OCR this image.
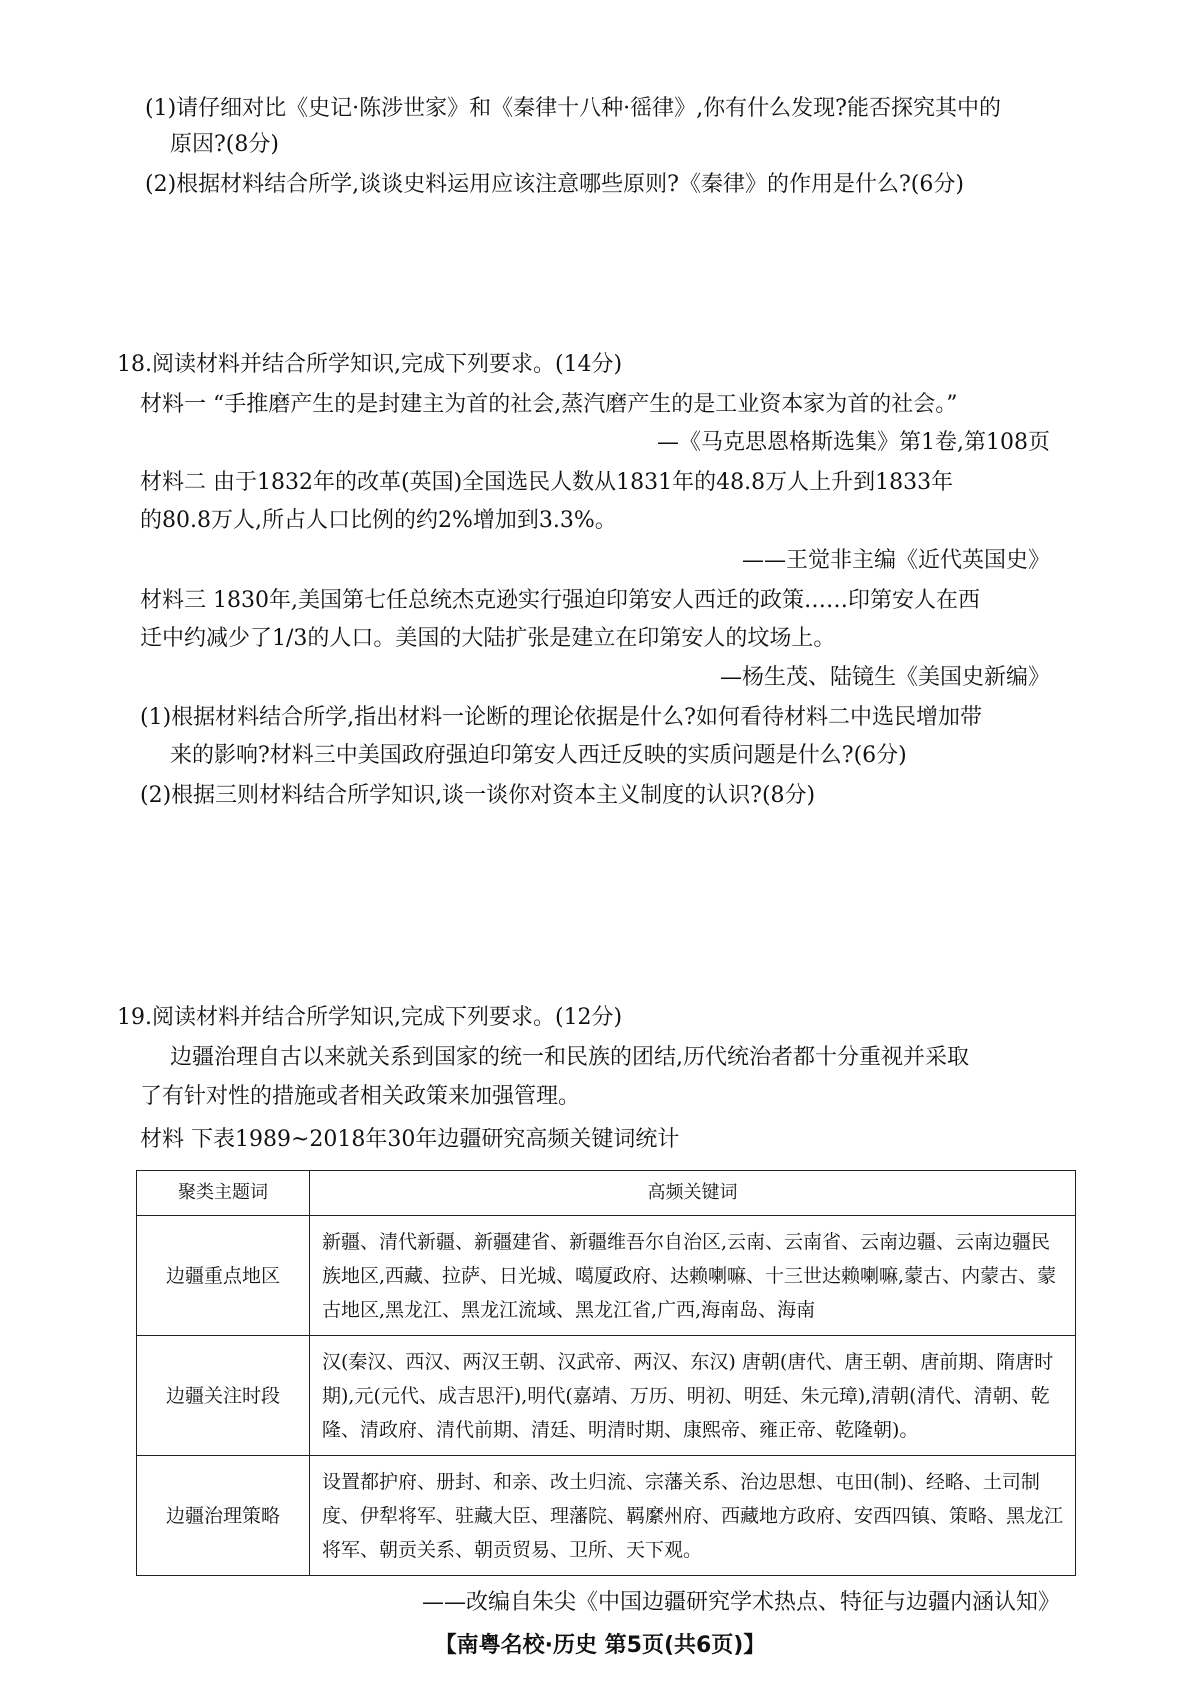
(1)请仔细对比《史记·陈涉世家》和《秦律十八种·徭律》,你有什么发现?能否探究其中的
原因?(8分)
(2)根据材料结合所学,谈谈史料运用应该注意哪些原则?《秦律》的作用是什么?(6分)
18.阅读材料并结合所学知识,完成下列要求。(14分)
材料一 “手推磨产生的是封建主为首的社会,蒸汽磨产生的是工业资本家为首的社会。”
—《马克思恩格斯选集》第1卷,第108页
材料二 由于1832年的改革(英国)全国选民人数从1831年的48.8万人上升到1833年
的80.8万人,所占人口比例的约2%增加到3.3%。
——王觉非主编《近代英国史》
材料三 1830年,美国第七任总统杰克逊实行强迫印第安人西迁的政策……印第安人在西
迁中约减少了1/3的人口。美国的大陆扩张是建立在印第安人的坟场上。
—杨生茂、陆镜生《美国史新编》
(1)根据材料结合所学,指出材料一论断的理论依据是什么?如何看待材料二中选民增加带
来的影响?材料三中美国政府强迫印第安人西迁反映的实质问题是什么?(6分)
(2)根据三则材料结合所学知识,谈一谈你对资本主义制度的认识?(8分)
19.阅读材料并结合所学知识,完成下列要求。(12分)
边疆治理自古以来就关系到国家的统一和民族的团结,历代统治者都十分重视并采取
了有针对性的措施或者相关政策来加强管理。
材料 下表1989~2018年30年边疆研究高频关键词统计
聚类主题词	高频关键词
边疆重点地区	新疆、清代新疆、新疆建省、新疆维吾尔自治区,云南、云南省、云南边疆、云南边疆民族地区,西藏、拉萨、日光城、噶厦政府、达赖喇嘛、十三世达赖喇嘛,蒙古、内蒙古、蒙古地区,黑龙江、黑龙江流域、黑龙江省,广西,海南岛、海南
边疆关注时段	汉(秦汉、西汉、两汉王朝、汉武帝、两汉、东汉) 唐朝(唐代、唐王朝、唐前期、隋唐时期),元(元代、成吉思汗),明代(嘉靖、万历、明初、明廷、朱元璋),清朝(清代、清朝、乾隆、清政府、清代前期、清廷、明清时期、康熙帝、雍正帝、乾隆朝)。
边疆治理策略	设置都护府、册封、和亲、改土归流、宗藩关系、治边思想、屯田(制)、经略、土司制度、伊犁将军、驻藏大臣、理藩院、羁縻州府、西藏地方政府、安西四镇、策略、黑龙江将军、朝贡关系、朝贡贸易、卫所、天下观。
——改编自朱尖《中国边疆研究学术热点、特征与边疆内涵认知》
【南粤名校·历史 第5页(共6页)】
